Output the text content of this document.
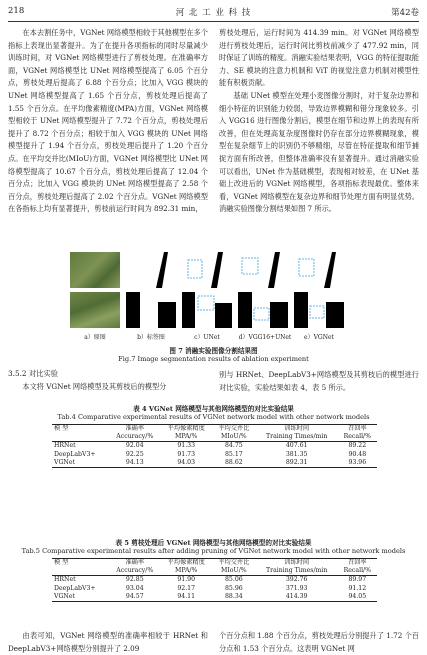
218	河 北 工 业 科 技	第42卷

在本去割任务中，VGNet 网络模型相较于其他模型在多个指标上表现出显著提升。为了在提升各项指标的同时尽量减少训练时间，对 VGNet 网络模型进行了剪枝处理。在准确率方面，VGNet 网络模型比 UNet 网络模型提高了 6.05 个百分点，剪枝处理后提高了 6.88 个百分点；比加入 VGG 模块的 UNet 网络模型提高了 1.65 个百分点，剪枝处理后提高了 1.55 个百分点。在平均像素精度(MPA)方面，VGNet 网络模型相较于 UNet 网络模型提升了 7.72 个百分点，剪枝处理后提升了 8.72 个百分点；相较于加入 VGG 模块的 UNet 网络模型提升了 1.94 个百分点，剪枝处理后提升了 1.20 个百分点。在平均交并比(MIoU)方面，VGNet 网络模型比 UNet 网络模型提高了 10.67 个百分点，剪枝处理后提高了 12.04 个百分点；比加入 VGG 模块的 UNet 网络模型提高了 2.58 个百分点，剪枝处理后提高了 2.02 个百分点。VGNet 网络模型在各指标上均有显著提升，剪枝前运行时间为 892.31 min，

剪枝处理后，运行时间为 414.39 min。对 VGNet 网络模型进行剪枝处理后，运行时间比剪枝前减少了 477.92 min，同时保证了训练的精度。消融实验结果表明，VGG 的特征提取能力、SE 模块的注意力机制和 ViT 的视觉注意力机制对模型性能有积极贡献。

基础 UNet 模型在处理小麦图像分割时，对于复杂边界和细小特征的识别能力较弱，导致边界模糊和错分现象较多。引入 VGG16 进行图像分割后，模型在细节和边界上的表现有所改善，但在处理高复杂度图像时仍存在部分边界模糊现象，模型在复杂细节上的识别仍不够精细，尽管在特征提取和细节捕捉方面有所改善，但整体准确率没有显著提升。通过消融实验可以看出，UNet 作为基础模型，表现相对较差，在 UNet 基础上改进后的 VGNet 网络模型，各项指标表现最优。整体来看，VGNet 网络模型在复杂边界和细节处理方面有明显优势。消融实验图像分割结果如图 7 所示。

a）原图	b）标签图	c）UNet	d）VGG16+UNet	e）VGNet
图 7 消融实验图像分割结果图
Fig.7 Image segmentation results of ablation experiment
3.5.2 对比实验

本文将 VGNet 网络模型及其剪枝后的模型分

别与 HRNet、DeepLabV3+网络模型及其剪枝后的模型进行对比实验，实验结果如表 4、表 5 所示。

表 4 VGNet 网络模型与其他网络模型的对比实验结果
Tab.4 Comparative experimental results of VGNet network model with other network models
模 型	准确率	平均像素精度	平均交并比	训练时间	召回率
	Accuracy/%	MPA/%	MIoU/%	Training Times/min	Recall/%
HRNet	92.04	91.33	84.75	407.61	89.22
DeepLabV3+	92.25	91.73	85.17	381.35	90.48
VGNet	94.13	94.03	88.62	892.31	93.96
表 5 剪枝处理后 VGNet 网络模型与其他网络模型的对比实验结果
Tab.5 Comparative experimental results after adding pruning of VGNet network model with other network models
模 型	准确率	平均像素精度	平均交并比	训练时间	召回率
	Accuracy/%	MPA/%	MIoU/%	Training Times/min	Recall/%
HRNet	92.85	91.90	85.06	392.76	89.97
DeepLabV3+	93.04	92.17	85.96	371.93	91.12
VGNet	94.57	94.11	88.34	414.39	94.05

由表可知，VGNet 网络模型的准确率相较于 HRNet 和 DeepLabV3+网络模型分别提升了 2.09

个百分点和 1.88 个百分点，剪枝处理后分别提升了 1.72 个百分点和 1.53 个百分点。这表明 VGNet 网
